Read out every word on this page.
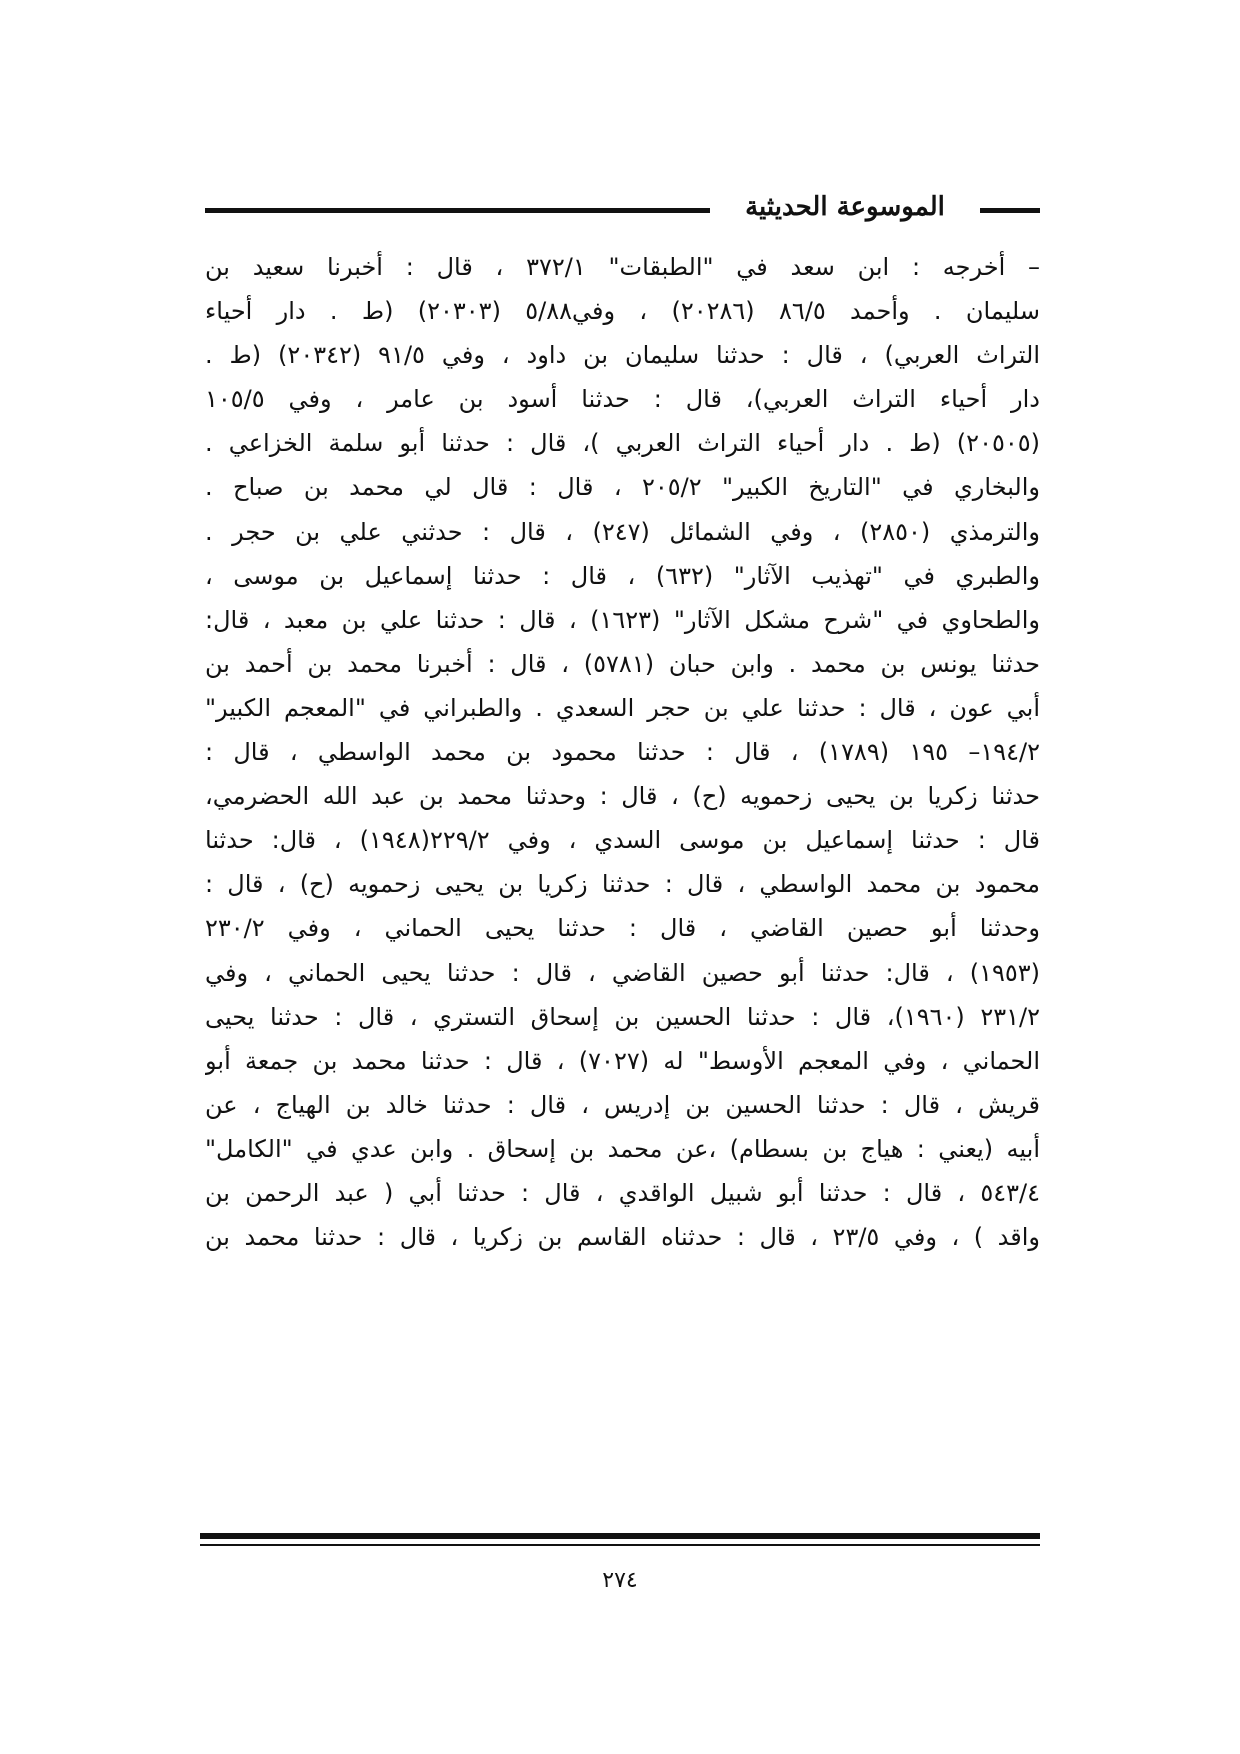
الموسوعة الحديثية
– أخرجه : ابن سعد في "الطبقات" ٣٧٢/١ ، قال : أخبرنا سعيد بن
سليمان . وأحمد ٨٦/٥ (٢٠٢٨٦) ، وفي٥/٨٨ (٢٠٣٠٣) (ط . دار أحياء
التراث العربي) ، قال : حدثنا سليمان بن داود ، وفي ٩١/٥ (٢٠٣٤٢) (ط .
دار أحياء التراث العربي)، قال : حدثنا أسود بن عامر ، وفي ١٠٥/٥
(٢٠٥٠٥) (ط . دار أحياء التراث العربي )، قال : حدثنا أبو سلمة الخزاعي .
والبخاري في "التاريخ الكبير" ٢٠٥/٢ ، قال : قال لي محمد بن صباح .
والترمذي (٢٨٥٠) ، وفي الشمائل (٢٤٧) ، قال : حدثني علي بن حجر .
والطبري في "تهذيب الآثار" (٦٣٢) ، قال : حدثنا إسماعيل بن موسى ،
والطحاوي في "شرح مشكل الآثار" (١٦٢٣) ، قال : حدثنا علي بن معبد ، قال:
حدثنا يونس بن محمد . وابن حبان (٥٧٨١) ، قال : أخبرنا محمد بن أحمد بن
أبي عون ، قال : حدثنا علي بن حجر السعدي . والطبراني في "المعجم الكبير"
١٩٤/٢– ١٩٥ (١٧٨٩) ، قال : حدثنا محمود بن محمد الواسطي ، قال :
حدثنا زكريا بن يحيى زحمويه (ح) ، قال : وحدثنا محمد بن عبد الله الحضرمي،
قال : حدثنا إسماعيل بن موسى السدي ، وفي ٢٢٩/٢(١٩٤٨) ، قال: حدثنا
محمود بن محمد الواسطي ، قال : حدثنا زكريا بن يحيى زحمويه (ح) ، قال :
وحدثنا أبو حصين القاضي ، قال : حدثنا يحيى الحماني ، وفي ٢٣٠/٢
(١٩٥٣) ، قال: حدثنا أبو حصين القاضي ، قال : حدثنا يحيى الحماني ، وفي
٢٣١/٢ (١٩٦٠)، قال : حدثنا الحسين بن إسحاق التستري ، قال : حدثنا يحيى
الحماني ، وفي المعجم الأوسط" له (٧٠٢٧) ، قال : حدثنا محمد بن جمعة أبو
قريش ، قال : حدثنا الحسين بن إدريس ، قال : حدثنا خالد بن الهياج ، عن
أبيه (يعني : هياج بن بسطام) ،عن محمد بن إسحاق . وابن عدي في "الكامل"
٥٤٣/٤ ، قال : حدثنا أبو شبيل الواقدي ، قال : حدثنا أبي ( عبد الرحمن بن
واقد ) ، وفي ٢٣/٥ ، قال : حدثناه القاسم بن زكريا ، قال : حدثنا محمد بن
٢٧٤
